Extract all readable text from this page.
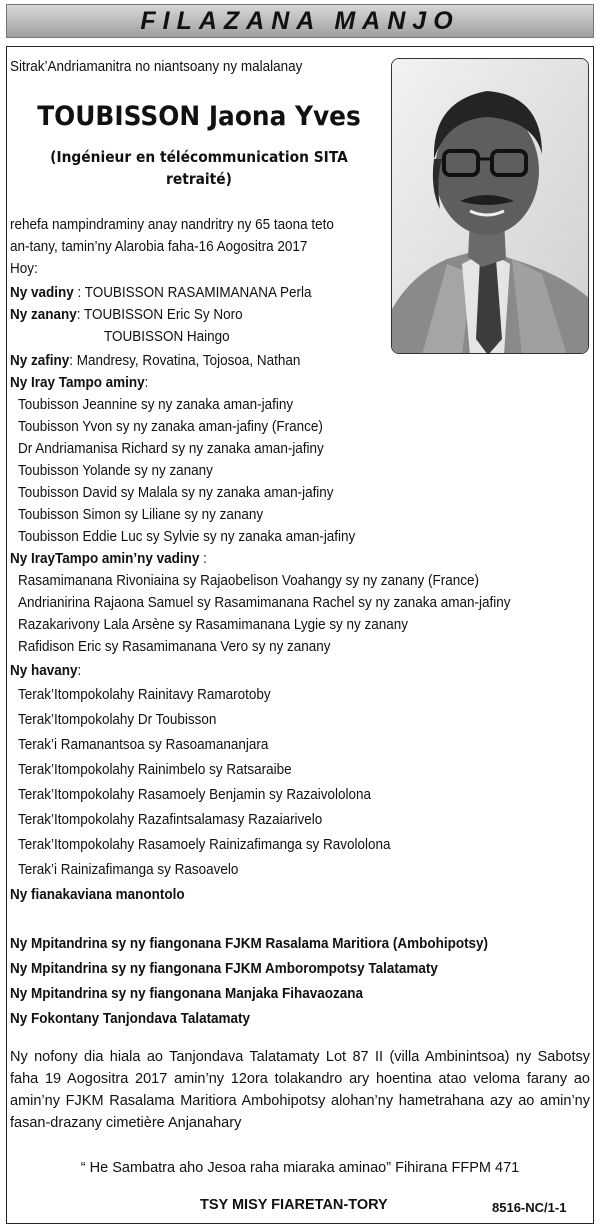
FILAZANA MANJO
Sitrak’Andriamanitra no niantsoany ny malalanay
TOUBISSON Jaona Yves
(Ingénieur en télécommunication SITA
retraité)
rehefa nampindraminy anay nandritry ny 65 taona teto
an-tany, tamin’ny Alarobia faha-16 Aogositra 2017
Hoy:
Ny vadiny : TOUBISSON RASAMIMANANA Perla
Ny zanany: TOUBISSON Eric Sy Noro
TOUBISSON Haingo
Ny zafiny: Mandresy, Rovatina, Tojosoa, Nathan
Ny Iray Tampo aminy:
Toubisson Jeannine sy ny zanaka aman-jafiny
Toubisson Yvon sy ny zanaka aman-jafiny (France)
Dr Andriamanisa Richard sy ny zanaka aman-jafiny
Toubisson Yolande sy ny zanany
Toubisson David sy Malala sy ny zanaka aman-jafiny
Toubisson Simon sy Liliane sy ny zanany
Toubisson Eddie Luc sy Sylvie sy ny zanaka aman-jafiny
Ny IrayTampo amin’ny vadiny :
Rasamimanana Rivoniaina sy Rajaobelison Voahangy sy ny zanany (France)
Andrianirina Rajaona Samuel sy Rasamimanana Rachel sy ny zanaka aman-jafiny
Razakarivony Lala Arsène sy Rasamimanana Lygie sy ny zanany
Rafidison Eric sy Rasamimanana Vero sy ny zanany
Ny havany:
Terak’Itompokolahy Rainitavy Ramarotoby
Terak’Itompokolahy Dr Toubisson
Terak’i Ramanantsoa sy Rasoamananjara
Terak’Itompokolahy Rainimbelo sy Ratsaraibe
Terak’Itompokolahy Rasamoely Benjamin sy Razaivololona
Terak’Itompokolahy Razafintsalamasy Razaiarivelo
Terak’Itompokolahy Rasamoely Rainizafimanga sy Ravololona
Terak’i Rainizafimanga sy Rasoavelo
Ny fianakaviana manontolo
Ny Mpitandrina sy ny fiangonana FJKM Rasalama Maritiora (Ambohipotsy)
Ny Mpitandrina sy ny fiangonana FJKM Amborompotsy Talatamaty
Ny Mpitandrina sy ny fiangonana Manjaka Fihavaozana
Ny Fokontany Tanjondava Talatamaty
Ny nofony dia hiala ao Tanjondava Talatamaty Lot 87 II (villa Ambinintsoa) ny Sabotsy faha 19 Aogositra 2017 amin’ny 12ora tolakandro ary hoentina atao veloma farany ao amin’ny FJKM Rasalama Maritiora Ambohipotsy alohan’ny hametrahana azy ao amin’ny fasan-drazany cimetière Anjanahary
“ He Sambatra aho Jesoa raha miaraka aminao” Fihirana FFPM 471
TSY MISY FIARETAN-TORY	8516-NC/1-1
